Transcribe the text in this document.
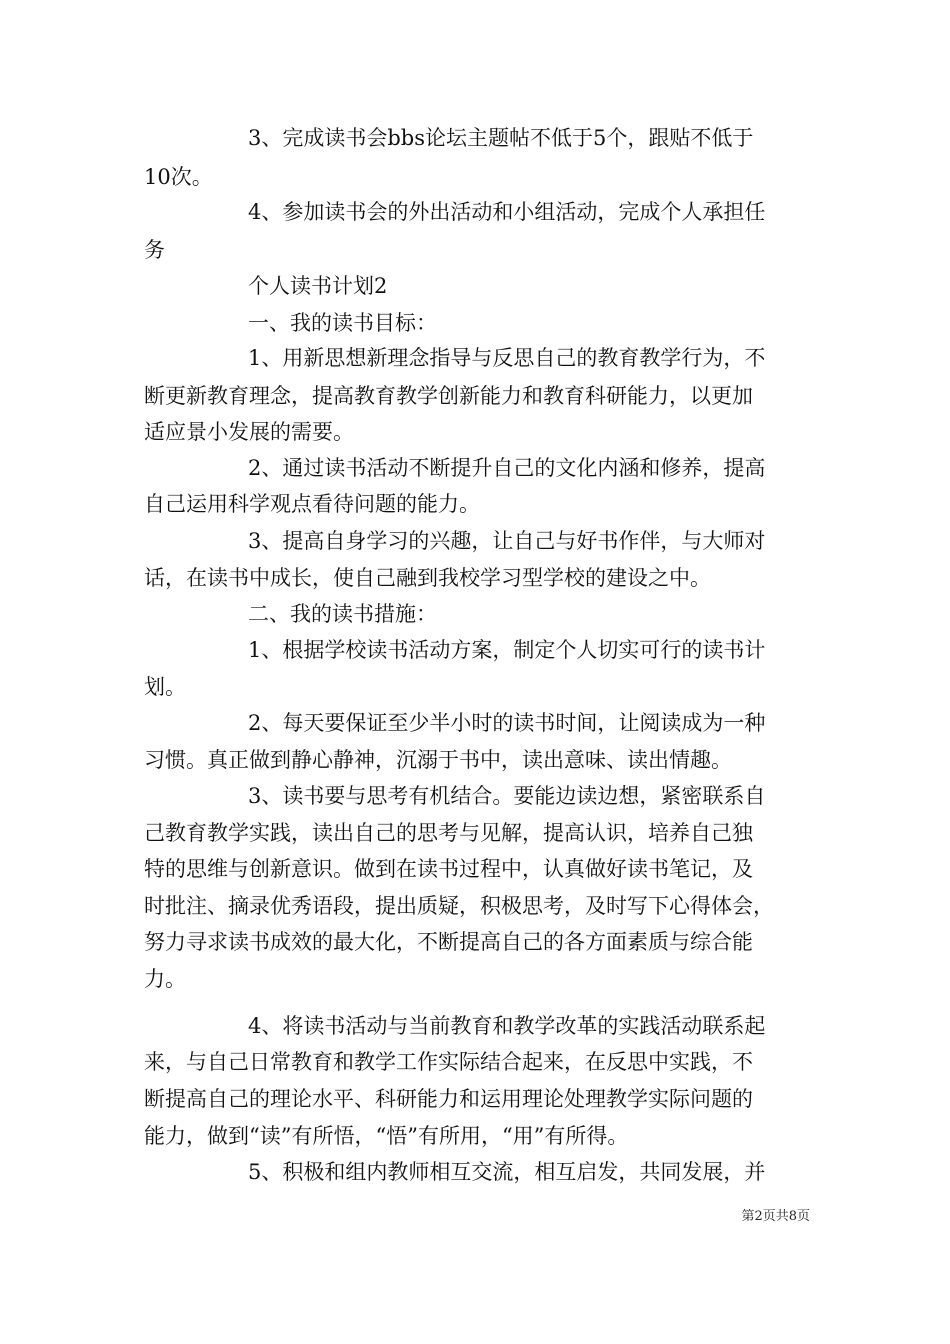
3、完成读书会bbs论坛主题帖不低于5个，跟贴不低于
10次。
4、参加读书会的外出活动和小组活动，完成个人承担任
务
个人读书计划2
一、我的读书目标：
1、用新思想新理念指导与反思自己的教育教学行为，不
断更新教育理念，提高教育教学创新能力和教育科研能力，以更加
适应景小发展的需要。
2、通过读书活动不断提升自己的文化内涵和修养，提高
自己运用科学观点看待问题的能力。
3、提高自身学习的兴趣，让自己与好书作伴，与大师对
话，在读书中成长，使自己融到我校学习型学校的建设之中。
二、我的读书措施：
1、根据学校读书活动方案，制定个人切实可行的读书计
划。
2、每天要保证至少半小时的读书时间，让阅读成为一种
习惯。真正做到静心静神，沉溺于书中，读出意味、读出情趣。
3、读书要与思考有机结合。要能边读边想，紧密联系自
己教育教学实践，读出自己的思考与见解，提高认识，培养自己独
特的思维与创新意识。做到在读书过程中，认真做好读书笔记，及
时批注、摘录优秀语段，提出质疑，积极思考，及时写下心得体会，
努力寻求读书成效的最大化，不断提高自己的各方面素质与综合能
力。
4、将读书活动与当前教育和教学改革的实践活动联系起
来，与自己日常教育和教学工作实际结合起来，在反思中实践，不
断提高自己的理论水平、科研能力和运用理论处理教学实际问题的
能力，做到“读”有所悟，“悟”有所用，“用”有所得。
5、积极和组内教师相互交流，相互启发，共同发展，并
第2页共8页
